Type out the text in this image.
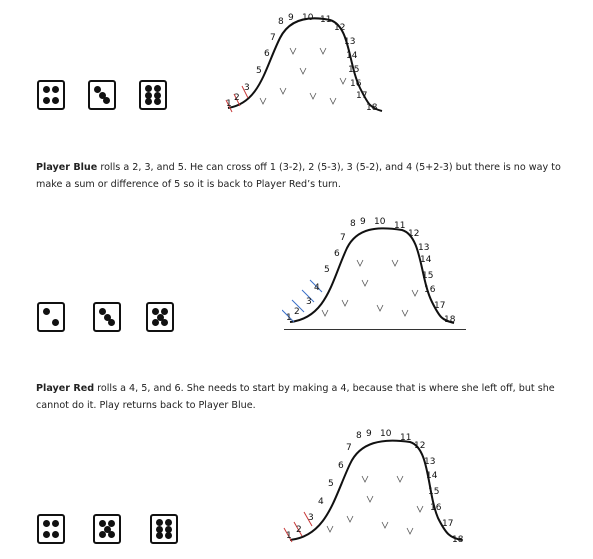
1
2
3
5
6
7
8 9 10 11
12
13
14
15
16
17
18
Player Blue rolls a 2, 3, and 5. He can cross off 1 (3-2), 2 (5-3), 3 (5-2), and 4 (5+2-3) but there is no way to make a sum or difference of 5 so it is back to Player Red’s turn.
1
2
3
4
5
6
7
8 9 10 11
12
13
14
15
16
17
18
Player Red rolls a 4, 5, and 6. She needs to start by making a 4, because that is where she left off, but she cannot do it. Play returns back to Player Blue.
1
2
3
4
5
6
7
8 9 10 11
12
13
14
15
16
17
18
